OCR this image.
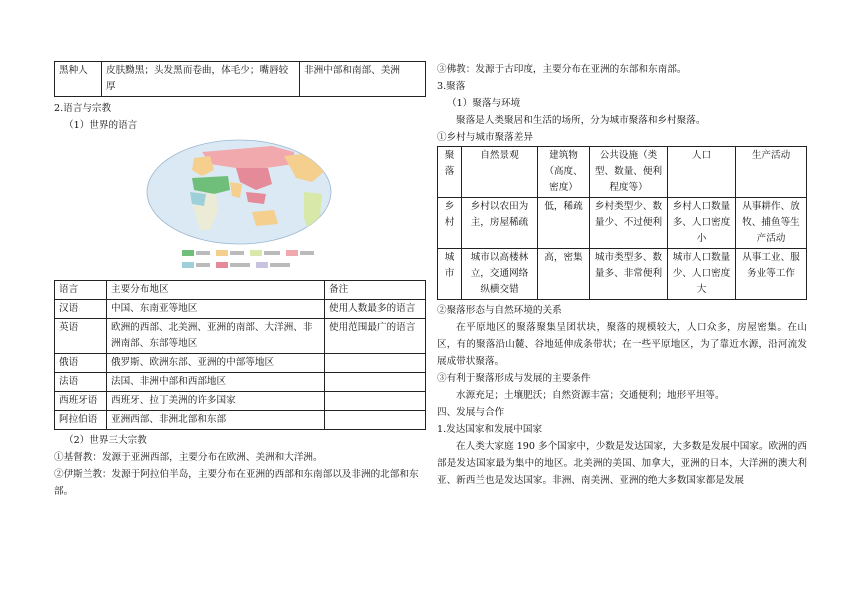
黑种人	皮肤黝黑；头发黑而卷曲，体毛少；嘴唇较厚	非洲中部和南部、美洲

2.语言与宗教

（1）世界的语言

语言	主要分布地区	备注
汉语	中国、东南亚等地区	使用人数最多的语言
英语	欧洲的西部、北美洲、亚洲的南部、大洋洲、非洲南部、东部等地区	使用范围最广的语言
俄语	俄罗斯、欧洲东部、亚洲的中部等地区	
法语	法国、非洲中部和西部地区	
西班牙语	西班牙、拉丁美洲的许多国家	
阿拉伯语	亚洲西部、非洲北部和东部	

（2）世界三大宗教

①基督教：发源于亚洲西部，主要分布在欧洲、美洲和大洋洲。

②伊斯兰教：发源于阿拉伯半岛，主要分布在亚洲的西部和东南部以及非洲的北部和东部。

③佛教：发源于古印度，主要分布在亚洲的东部和东南部。

3.聚落

（1）聚落与环境

聚落是人类聚居和生活的场所，分为城市聚落和乡村聚落。

①乡村与城市聚落差异

聚落	自然景观	建筑物（高度、密度）	公共设施（类型、数量、便利程度等）	人口	生产活动
乡村	乡村以农田为主，房屋稀疏	低，稀疏	乡村类型少、数量少、不过便利	乡村人口数量多、人口密度小	从事耕作、放牧、捕鱼等生产活动
城市	城市以高楼林立，交通网络纵横交错	高，密集	城市类型多、数量多、非常便利	城市人口数量少、人口密度大	从事工业、服务业等工作

②聚落形态与自然环境的关系

在平原地区的聚落聚集呈团状块，聚落的规模较大，人口众多，房屋密集。在山区，有的聚落沿山麓、谷地延伸成条带状；在一些平原地区，为了靠近水源，沿河流发展成带状聚落。

③有利于聚落形成与发展的主要条件

水源充足；土壤肥沃；自然资源丰富；交通便利；地形平坦等。

四、发展与合作

1.发达国家和发展中国家

在人类大家庭 190 多个国家中，少数是发达国家，大多数是发展中国家。欧洲的西部是发达国家最为集中的地区。北美洲的美国、加拿大，亚洲的日本，大洋洲的澳大利亚、新西兰也是发达国家。非洲、南美洲、亚洲的绝大多数国家都是发展
